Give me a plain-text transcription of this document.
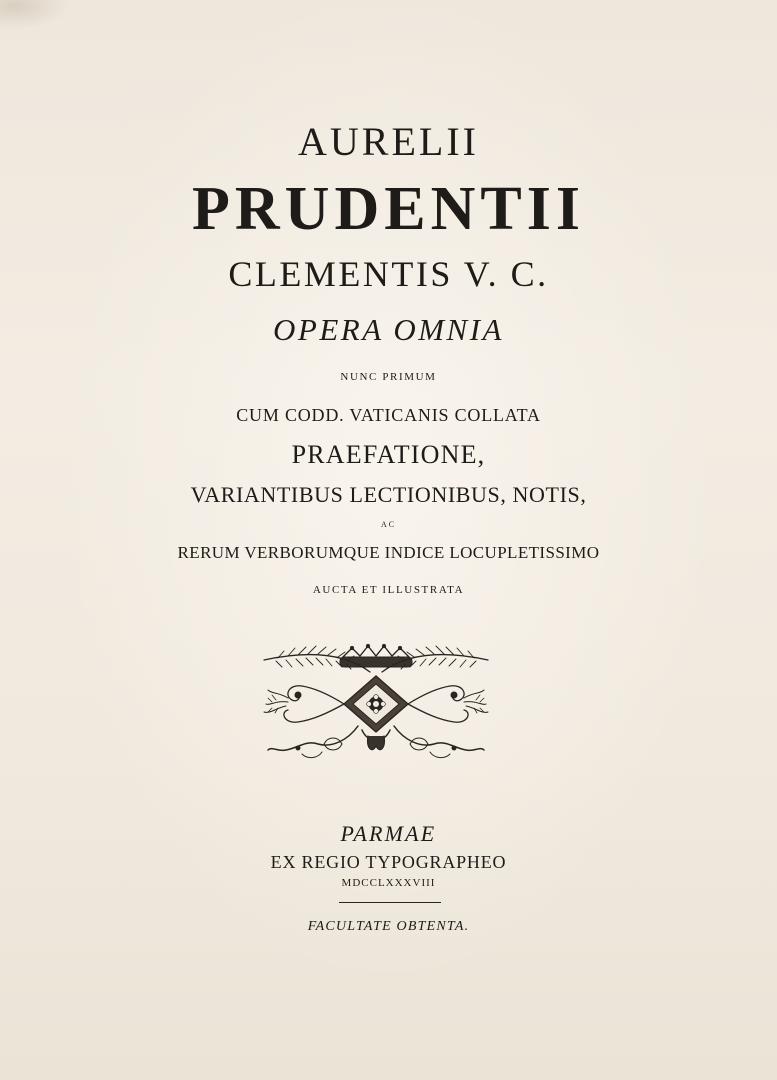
AURELII
PRUDENTII
CLEMENTIS V. C.
OPERA OMNIA
NUNC PRIMUM
CUM CODD. VATICANIS COLLATA
PRAEFATIONE,
VARIANTIBUS LECTIONIBUS, NOTIS,
AC
RERUM VERBORUMQUE INDICE LOCUPLETISSIMO
AUCTA ET ILLUSTRATA
PARMAE
EX REGIO TYPOGRAPHEO
MDCCLXXXVIII
FACULTATE OBTENTA.
